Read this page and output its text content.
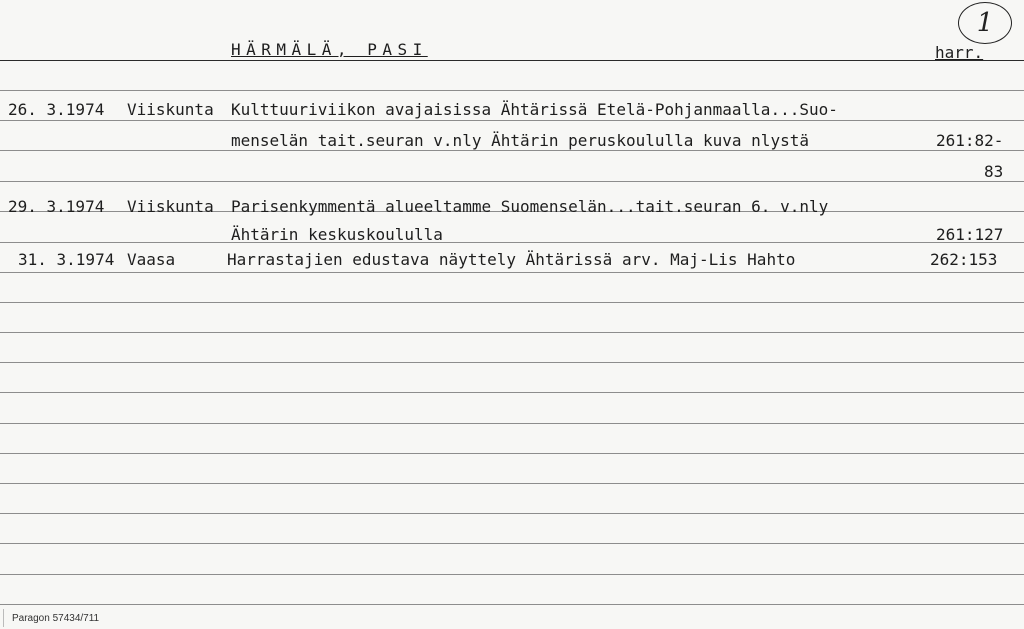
HÄRMÄLÄ, PASI	harr.
1
26. 3.1974 Viiskunta Kulttuuriviikon avajaisissa Ähtärissä Etelä-Pohjanmaalla...Suo-
menselän tait.seuran v.nly Ähtärin peruskoululla kuva nlystä	261:82-
83
29. 3.1974 Viiskunta Parisenkymmentä alueeltamme Suomenselän...tait.seuran 6. v.nly
Ähtärin keskuskoululla	261:127
31. 3.1974 Vaasa	Harrastajien edustava näyttely Ähtärissä arv. Maj-Lis Hahto	262:153
Paragon 57434/711
